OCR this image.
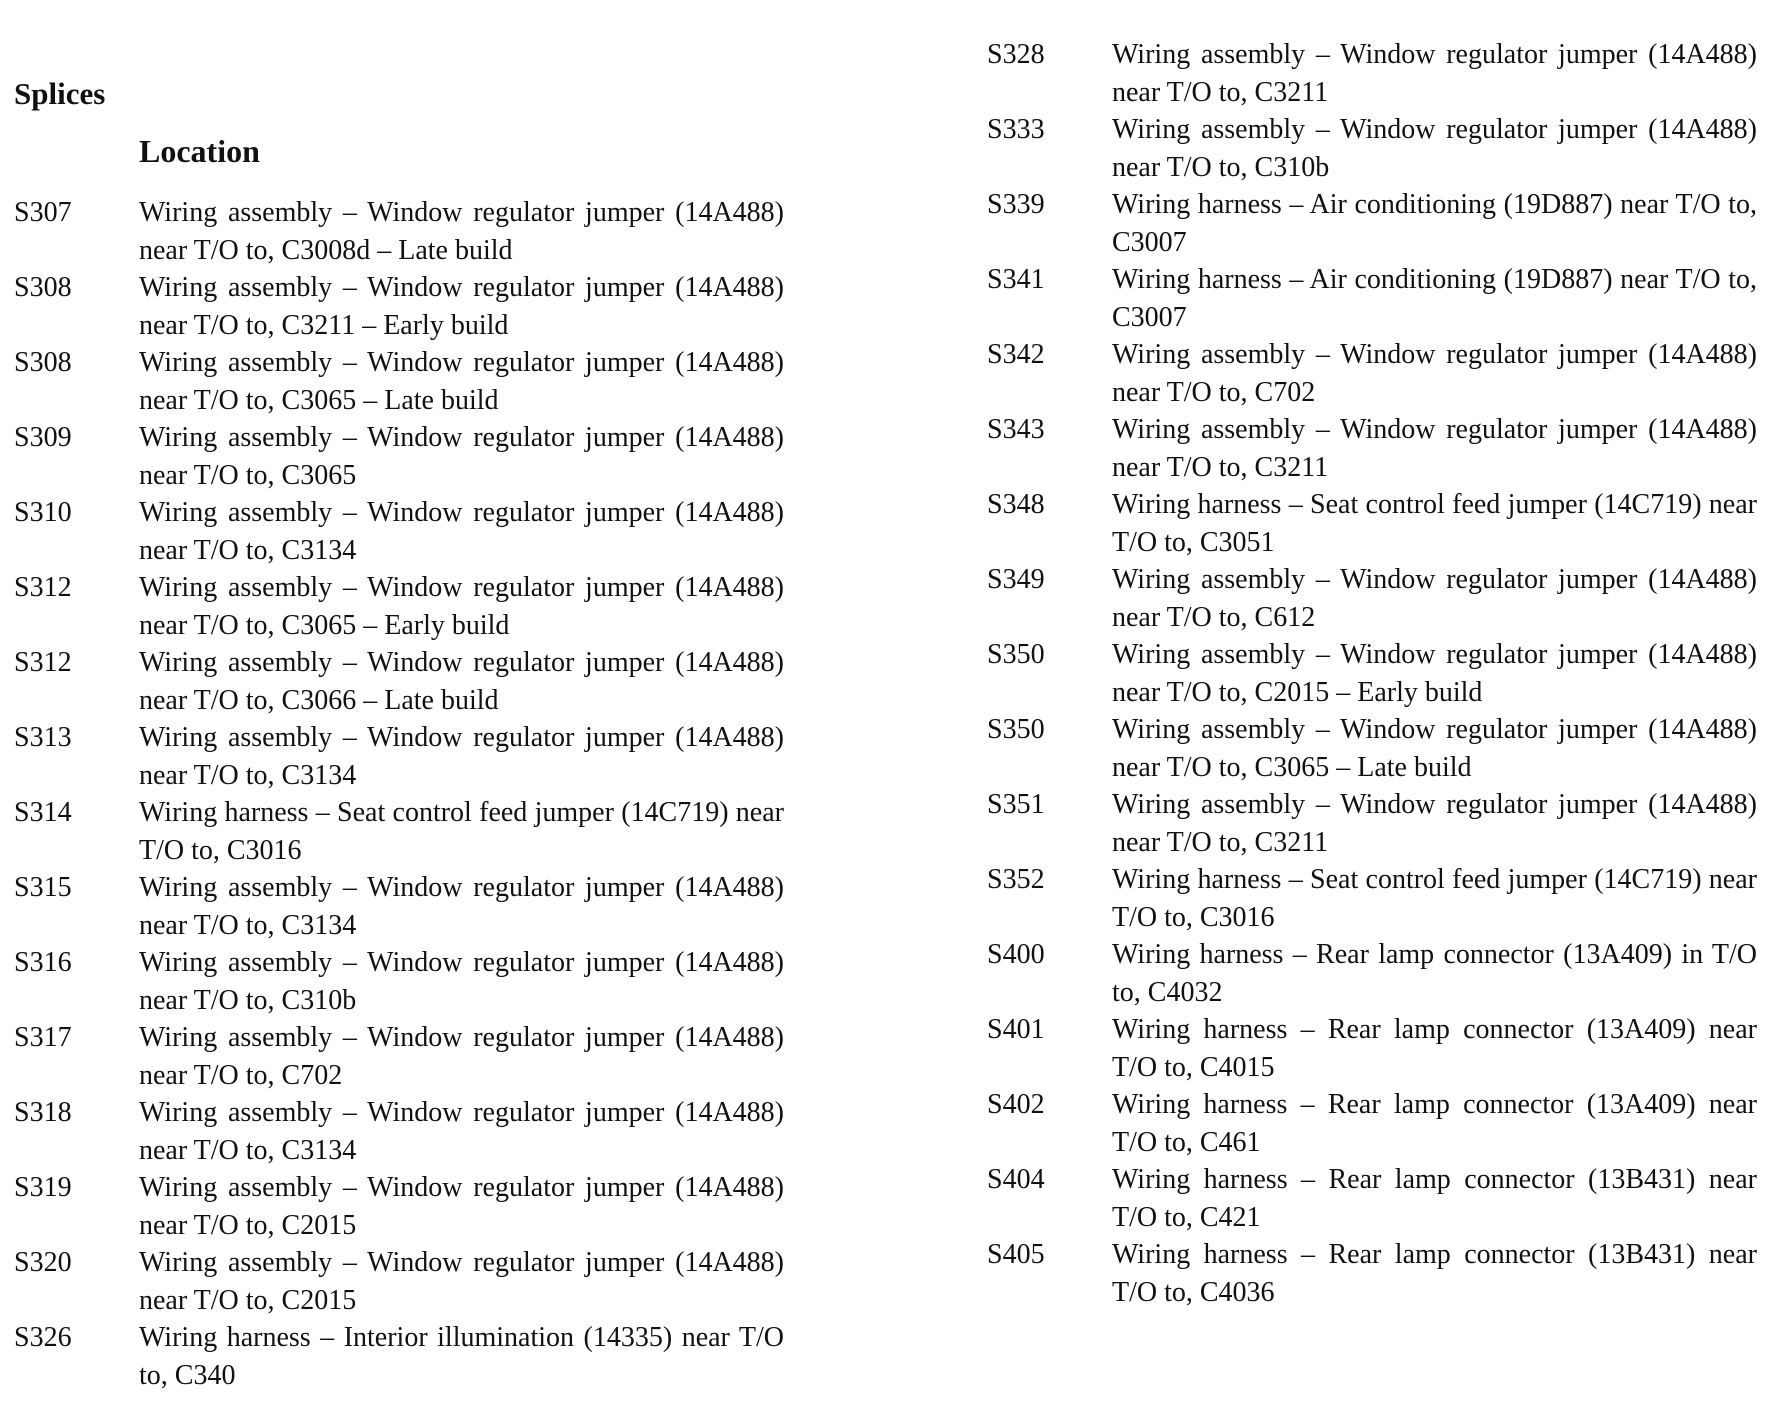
Splices
Location
S307	Wiring assembly – Window regulator jumper (14A488) near T/O to, C3008d – Late build
S308	Wiring assembly – Window regulator jumper (14A488) near T/O to, C3211 – Early build
S308	Wiring assembly – Window regulator jumper (14A488) near T/O to, C3065 – Late build
S309	Wiring assembly – Window regulator jumper (14A488) near T/O to, C3065
S310	Wiring assembly – Window regulator jumper (14A488) near T/O to, C3134
S312	Wiring assembly – Window regulator jumper (14A488) near T/O to, C3065 – Early build
S312	Wiring assembly – Window regulator jumper (14A488) near T/O to, C3066 – Late build
S313	Wiring assembly – Window regulator jumper (14A488) near T/O to, C3134
S314	Wiring harness – Seat control feed jumper (14C719) near T/O to, C3016
S315	Wiring assembly – Window regulator jumper (14A488) near T/O to, C3134
S316	Wiring assembly – Window regulator jumper (14A488) near T/O to, C310b
S317	Wiring assembly – Window regulator jumper (14A488) near T/O to, C702
S318	Wiring assembly – Window regulator jumper (14A488) near T/O to, C3134
S319	Wiring assembly – Window regulator jumper (14A488) near T/O to, C2015
S320	Wiring assembly – Window regulator jumper (14A488) near T/O to, C2015
S326	Wiring harness – Interior illumination (14335) near T/O to, C340
S328	Wiring assembly – Window regulator jumper (14A488) near T/O to, C3211
S333	Wiring assembly – Window regulator jumper (14A488) near T/O to, C310b
S339	Wiring harness – Air conditioning (19D887) near T/O to, C3007
S341	Wiring harness – Air conditioning (19D887) near T/O to, C3007
S342	Wiring assembly – Window regulator jumper (14A488) near T/O to, C702
S343	Wiring assembly – Window regulator jumper (14A488) near T/O to, C3211
S348	Wiring harness – Seat control feed jumper (14C719) near T/O to, C3051
S349	Wiring assembly – Window regulator jumper (14A488) near T/O to, C612
S350	Wiring assembly – Window regulator jumper (14A488) near T/O to, C2015 – Early build
S350	Wiring assembly – Window regulator jumper (14A488) near T/O to, C3065 – Late build
S351	Wiring assembly – Window regulator jumper (14A488) near T/O to, C3211
S352	Wiring harness – Seat control feed jumper (14C719) near T/O to, C3016
S400	Wiring harness – Rear lamp connector (13A409) in T/O to, C4032
S401	Wiring harness – Rear lamp connector (13A409) near T/O to, C4015
S402	Wiring harness – Rear lamp connector (13A409) near T/O to, C461
S404	Wiring harness – Rear lamp connector (13B431) near T/O to, C421
S405	Wiring harness – Rear lamp connector (13B431) near T/O to, C4036
